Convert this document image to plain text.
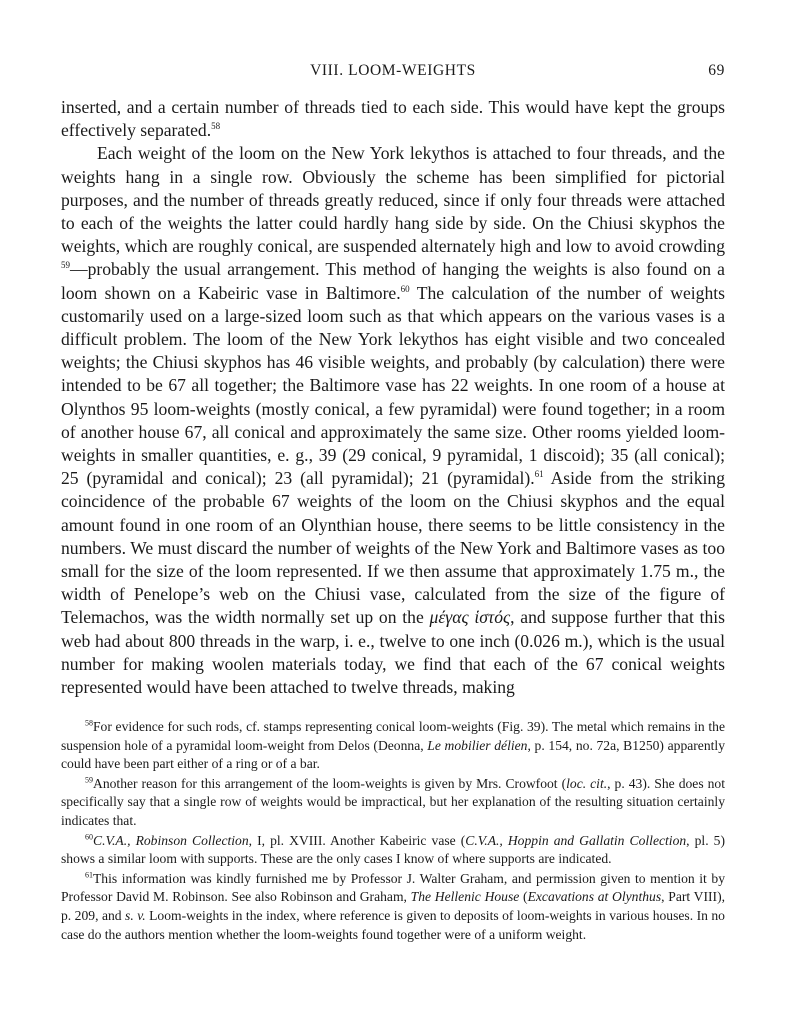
VIII. LOOM-WEIGHTS	69

inserted, and a certain number of threads tied to each side. This would have kept the groups effectively separated.$^{58}$

Each weight of the loom on the New York lekythos is attached to four threads, and the weights hang in a single row. Obviously the scheme has been simplified for pictorial purposes, and the number of threads greatly reduced, since if only four threads were attached to each of the weights the latter could hardly hang side by side. On the Chiusi skyphos the weights, which are roughly conical, are suspended alternately high and low to avoid crowding $^{59}$—probably the usual arrangement. This method of hanging the weights is also found on a loom shown on a Kabeiric vase in Baltimore.$^{60}$ The calculation of the number of weights customarily used on a large-sized loom such as that which appears on the various vases is a difficult problem. The loom of the New York lekythos has eight visible and two concealed weights; the Chiusi skyphos has 46 visible weights, and probably (by calculation) there were intended to be 67 all together; the Baltimore vase has 22 weights. In one room of a house at Olynthos 95 loom-weights (mostly conical, a few pyramidal) were found together; in a room of another house 67, all conical and approximately the same size. Other rooms yielded loom-weights in smaller quantities, e. g., 39 (29 conical, 9 pyramidal, 1 discoid); 35 (all conical); 25 (pyramidal and conical); 23 (all pyramidal); 21 (pyramidal).$^{61}$ Aside from the striking coincidence of the probable 67 weights of the loom on the Chiusi skyphos and the equal amount found in one room of an Olynthian house, there seems to be little consistency in the numbers. We must discard the number of weights of the New York and Baltimore vases as too small for the size of the loom represented. If we then assume that approximately 1.75 m., the width of Penelope’s web on the Chiusi vase, calculated from the size of the figure of Telemachos, was the width normally set up on the μέγας ἱστός, and suppose further that this web had about 800 threads in the warp, i. e., twelve to one inch (0.026 m.), which is the usual number for making woolen materials today, we find that each of the 67 conical weights represented would have been attached to twelve threads, making

$^{58}$For evidence for such rods, cf. stamps representing conical loom-weights (Fig. 39). The metal which remains in the suspension hole of a pyramidal loom-weight from Delos (Deonna, Le mobilier délien, p. 154, no. 72a, B1250) apparently could have been part either of a ring or of a bar.

$^{59}$Another reason for this arrangement of the loom-weights is given by Mrs. Crowfoot (loc. cit., p. 43). She does not specifically say that a single row of weights would be impractical, but her explanation of the resulting situation certainly indicates that.

$^{60}$C.V.A., Robinson Collection, I, pl. XVIII. Another Kabeiric vase (C.V.A., Hoppin and Gallatin Collection, pl. 5) shows a similar loom with supports. These are the only cases I know of where supports are indicated.

$^{61}$This information was kindly furnished me by Professor J. Walter Graham, and permission given to mention it by Professor David M. Robinson. See also Robinson and Graham, The Hellenic House (Excavations at Olynthus, Part VIII), p. 209, and s. v. Loom-weights in the index, where reference is given to deposits of loom-weights in various houses. In no case do the authors mention whether the loom-weights found together were of a uniform weight.
